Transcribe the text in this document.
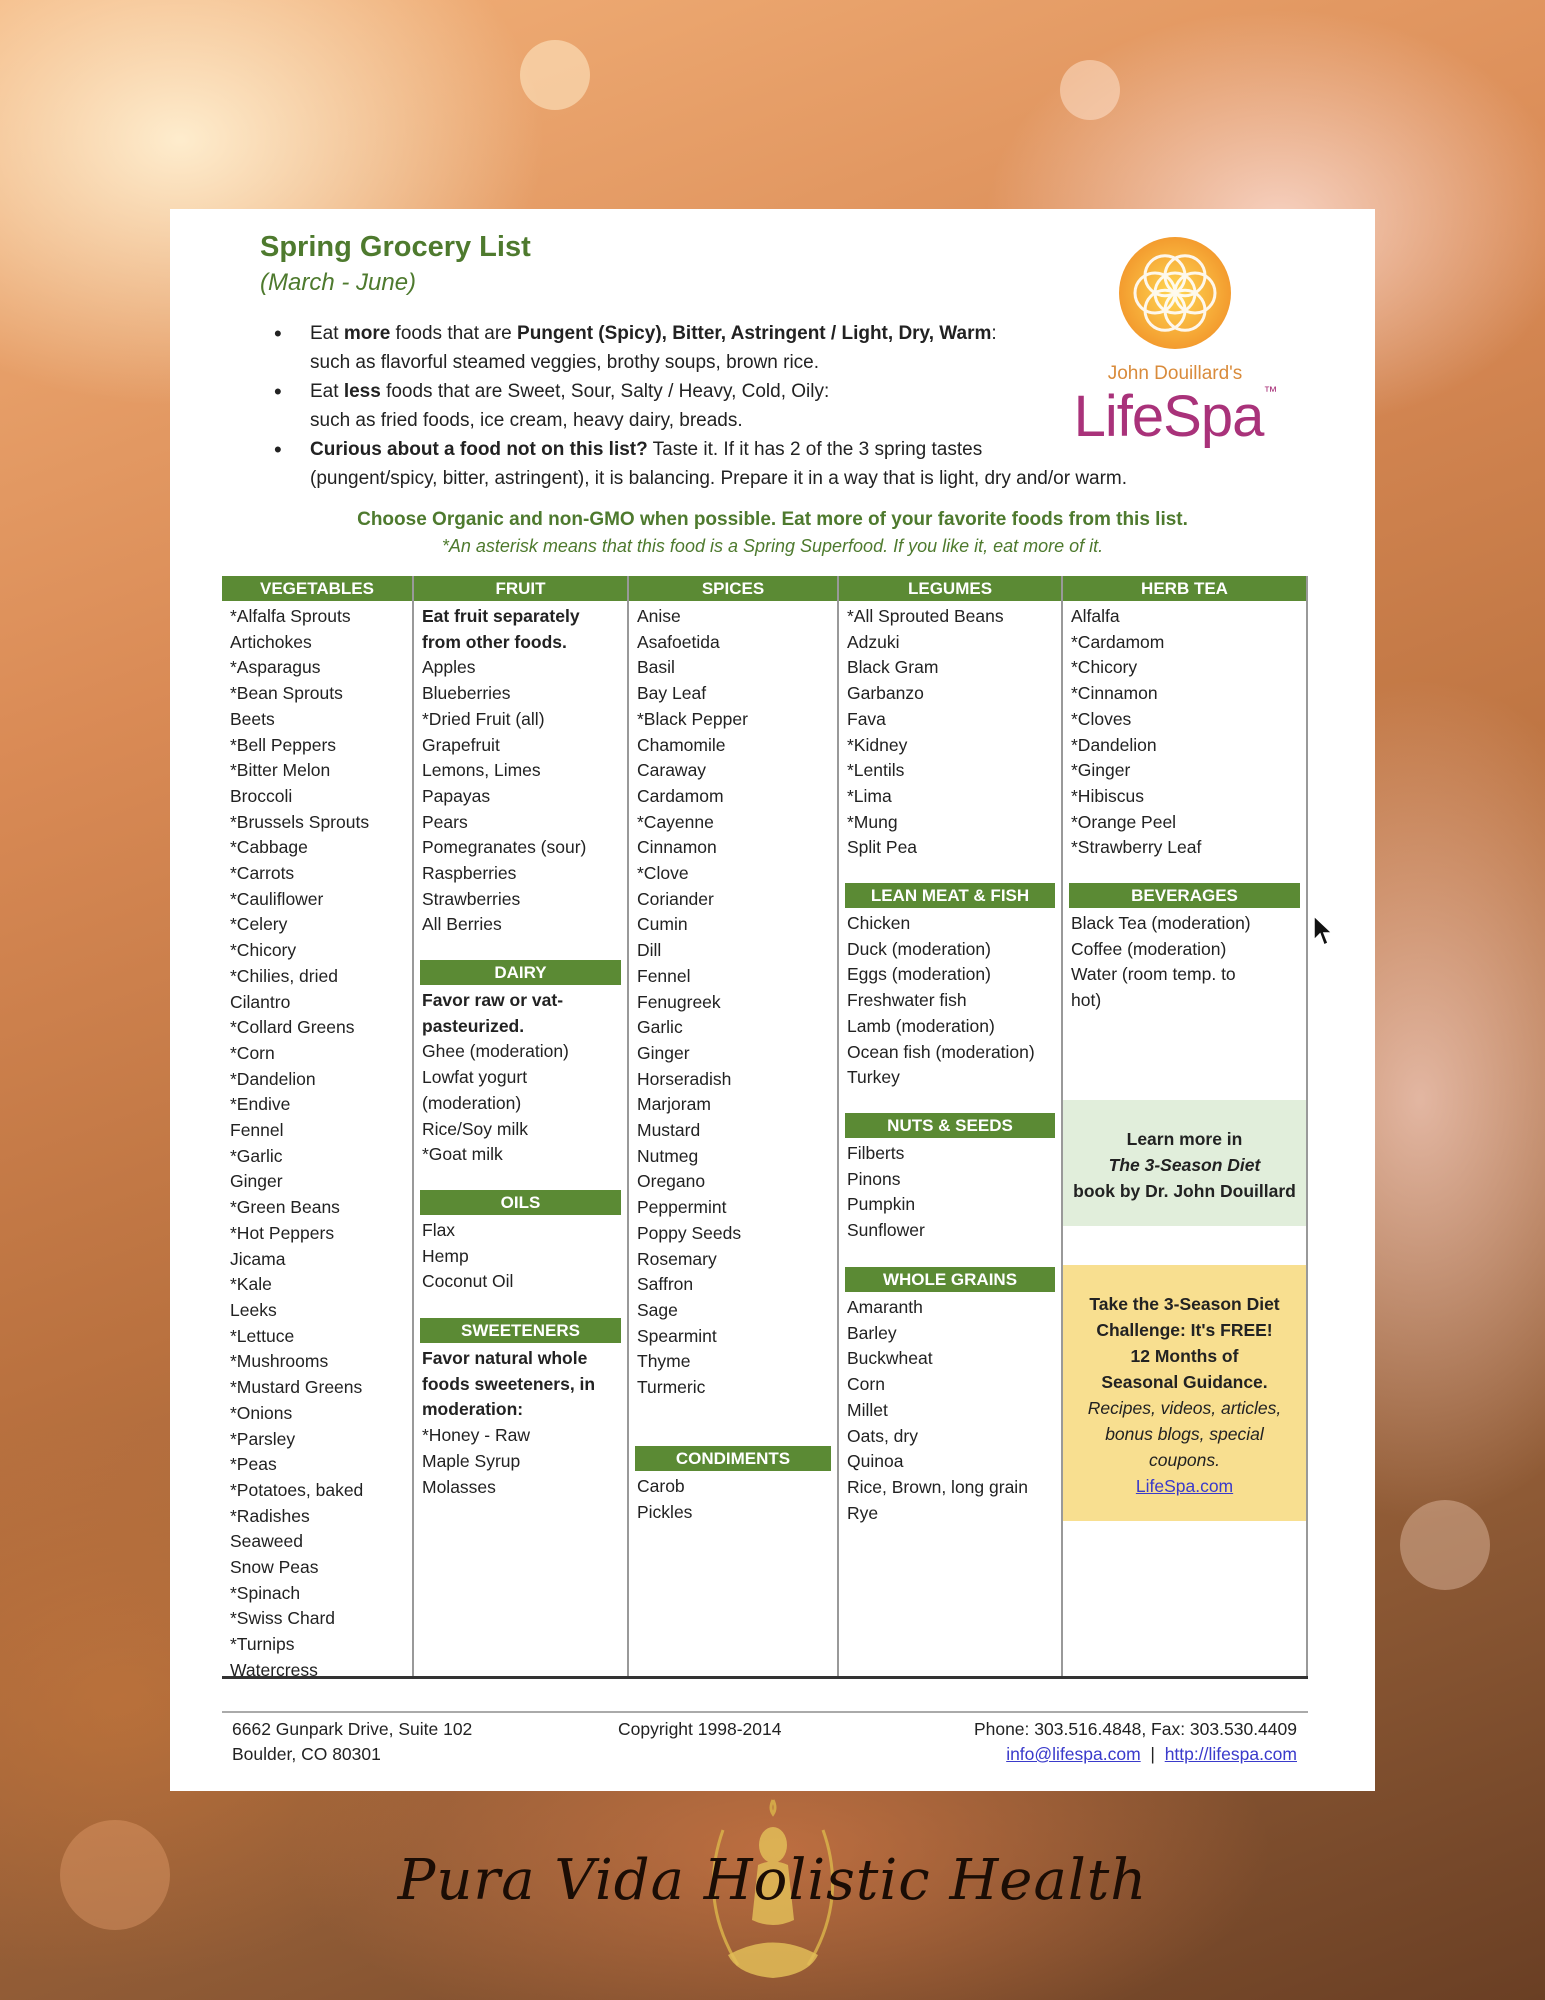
Spring Grocery List
(March - June)
John Douillard's
LifeSpa™
• Eat more foods that are Pungent (Spicy), Bitter, Astringent / Light, Dry, Warm:
such as flavorful steamed veggies, brothy soups, brown rice.
• Eat less foods that are Sweet, Sour, Salty / Heavy, Cold, Oily:
such as fried foods, ice cream, heavy dairy, breads.
• Curious about a food not on this list? Taste it. If it has 2 of the 3 spring tastes
(pungent/spicy, bitter, astringent), it is balancing. Prepare it in a way that is light, dry and/or warm.
Choose Organic and non-GMO when possible. Eat more of your favorite foods from this list.
*An asterisk means that this food is a Spring Superfood. If you like it, eat more of it.
VEGETABLES
*Alfalfa Sprouts
Artichokes
*Asparagus
*Bean Sprouts
Beets
*Bell Peppers
*Bitter Melon
Broccoli
*Brussels Sprouts
*Cabbage
*Carrots
*Cauliflower
*Celery
*Chicory
*Chilies, dried
Cilantro
*Collard Greens
*Corn
*Dandelion
*Endive
Fennel
*Garlic
Ginger
*Green Beans
*Hot Peppers
Jicama
*Kale
Leeks
*Lettuce
*Mushrooms
*Mustard Greens
*Onions
*Parsley
*Peas
*Potatoes, baked
*Radishes
Seaweed
Snow Peas
*Spinach
*Swiss Chard
*Turnips
Watercress
FRUIT
Eat fruit separately
from other foods.
Apples
Blueberries
*Dried Fruit (all)
Grapefruit
Lemons, Limes
Papayas
Pears
Pomegranates (sour)
Raspberries
Strawberries
All Berries
DAIRY
Favor raw or vat-
pasteurized.
Ghee (moderation)
Lowfat yogurt
(moderation)
Rice/Soy milk
*Goat milk
OILS
Flax
Hemp
Coconut Oil
SWEETENERS
Favor natural whole
foods sweeteners, in
moderation:
*Honey - Raw
Maple Syrup
Molasses
SPICES
Anise
Asafoetida
Basil
Bay Leaf
*Black Pepper
Chamomile
Caraway
Cardamom
*Cayenne
Cinnamon
*Clove
Coriander
Cumin
Dill
Fennel
Fenugreek
Garlic
Ginger
Horseradish
Marjoram
Mustard
Nutmeg
Oregano
Peppermint
Poppy Seeds
Rosemary
Saffron
Sage
Spearmint
Thyme
Turmeric
CONDIMENTS
Carob
Pickles
LEGUMES
*All Sprouted Beans
Adzuki
Black Gram
Garbanzo
Fava
*Kidney
*Lentils
*Lima
*Mung
Split Pea
LEAN MEAT & FISH
Chicken
Duck (moderation)
Eggs (moderation)
Freshwater fish
Lamb (moderation)
Ocean fish (moderation)
Turkey
NUTS & SEEDS
Filberts
Pinons
Pumpkin
Sunflower
WHOLE GRAINS
Amaranth
Barley
Buckwheat
Corn
Millet
Oats, dry
Quinoa
Rice, Brown, long grain
Rye
HERB TEA
Alfalfa
*Cardamom
*Chicory
*Cinnamon
*Cloves
*Dandelion
*Ginger
*Hibiscus
*Orange Peel
*Strawberry Leaf
BEVERAGES
Black Tea (moderation)
Coffee (moderation)
Water (room temp. to
hot)
Learn more in
The 3-Season Diet
book by Dr. John Douillard
Take the 3-Season Diet
Challenge: It's FREE!
12 Months of
Seasonal Guidance.
Recipes, videos, articles,
bonus blogs, special
coupons.
LifeSpa.com
6662 Gunpark Drive, Suite 102
Boulder, CO 80301
Copyright 1998-2014	Phone: 303.516.4848, Fax: 303.530.4409
info@lifespa.com | http://lifespa.com
Pura Vida Holistic Health
